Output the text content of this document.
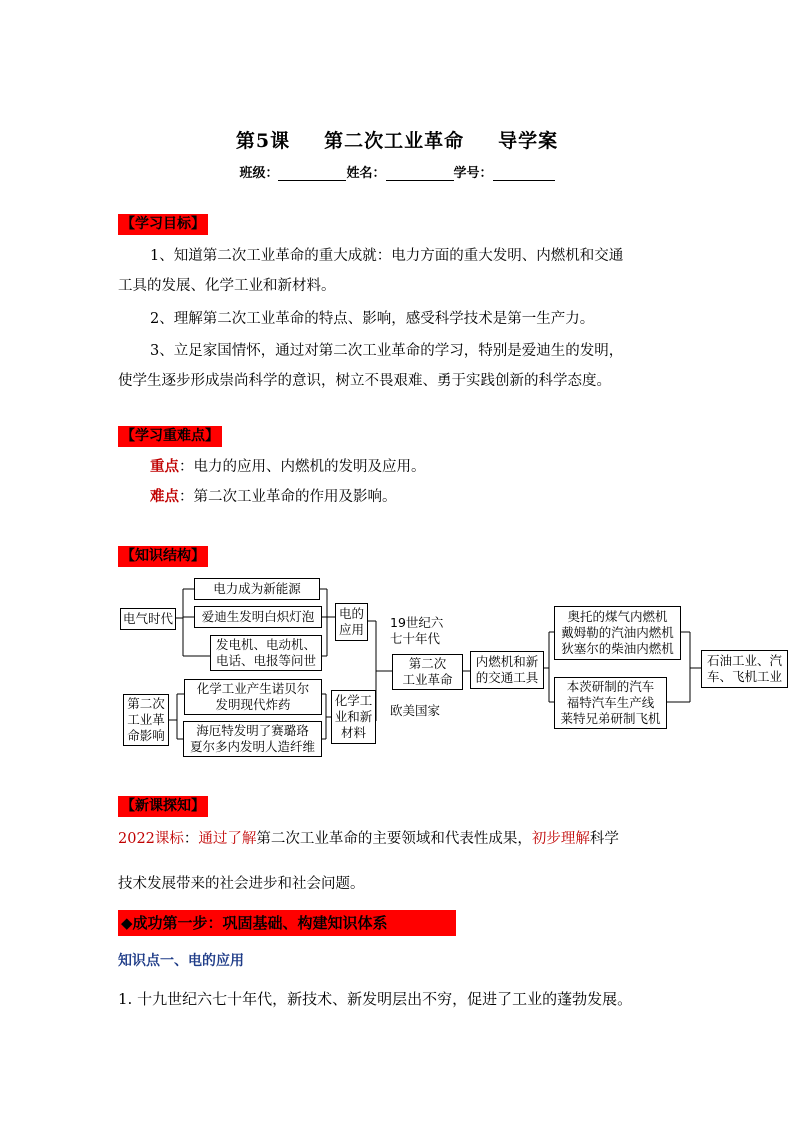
第5课 第二次工业革命 导学案
班级：	姓名：	学号：
【学习目标】
1、知道第二次工业革命的重大成就：电力方面的重大发明、内燃机和交通
工具的发展、化学工业和新材料。
2、理解第二次工业革命的特点、影响，感受科学技术是第一生产力。
3、立足家国情怀，通过对第二次工业革命的学习，特别是爱迪生的发明，
使学生逐步形成崇尚科学的意识，树立不畏艰难、勇于实践创新的科学态度。
【学习重难点】
重点：电力的应用、内燃机的发明及应用。
难点：第二次工业革命的作用及影响。
【知识结构】
电气时代
电力成为新能源
爱迪生发明白炽灯泡
发电机、电动机、
电话、电报等问世
电的
应用 19世纪六
七十年代
第二次
工业革命
欧美国家
内燃机和新
的交通工具
奥托的煤气内燃机
戴姆勒的汽油内燃机
狄塞尔的柴油内燃机
本茨研制的汽车
福特汽车生产线
莱特兄弟研制飞机
石油工业、汽
车、飞机工业
第二次
工业革
命影响
化学工业产生诺贝尔
发明现代炸药
海厄特发明了赛璐珞
夏尔多内发明人造纤维
化学工
业和新
材料
【新课探知】
2022课标：通过了解第二次工业革命的主要领域和代表性成果，初步理解科学
技术发展带来的社会进步和社会问题。
◆成功第一步：巩固基础、构建知识体系
知识点一、电的应用
1. 十九世纪六七十年代，新技术、新发明层出不穷，促进了工业的蓬勃发展。
